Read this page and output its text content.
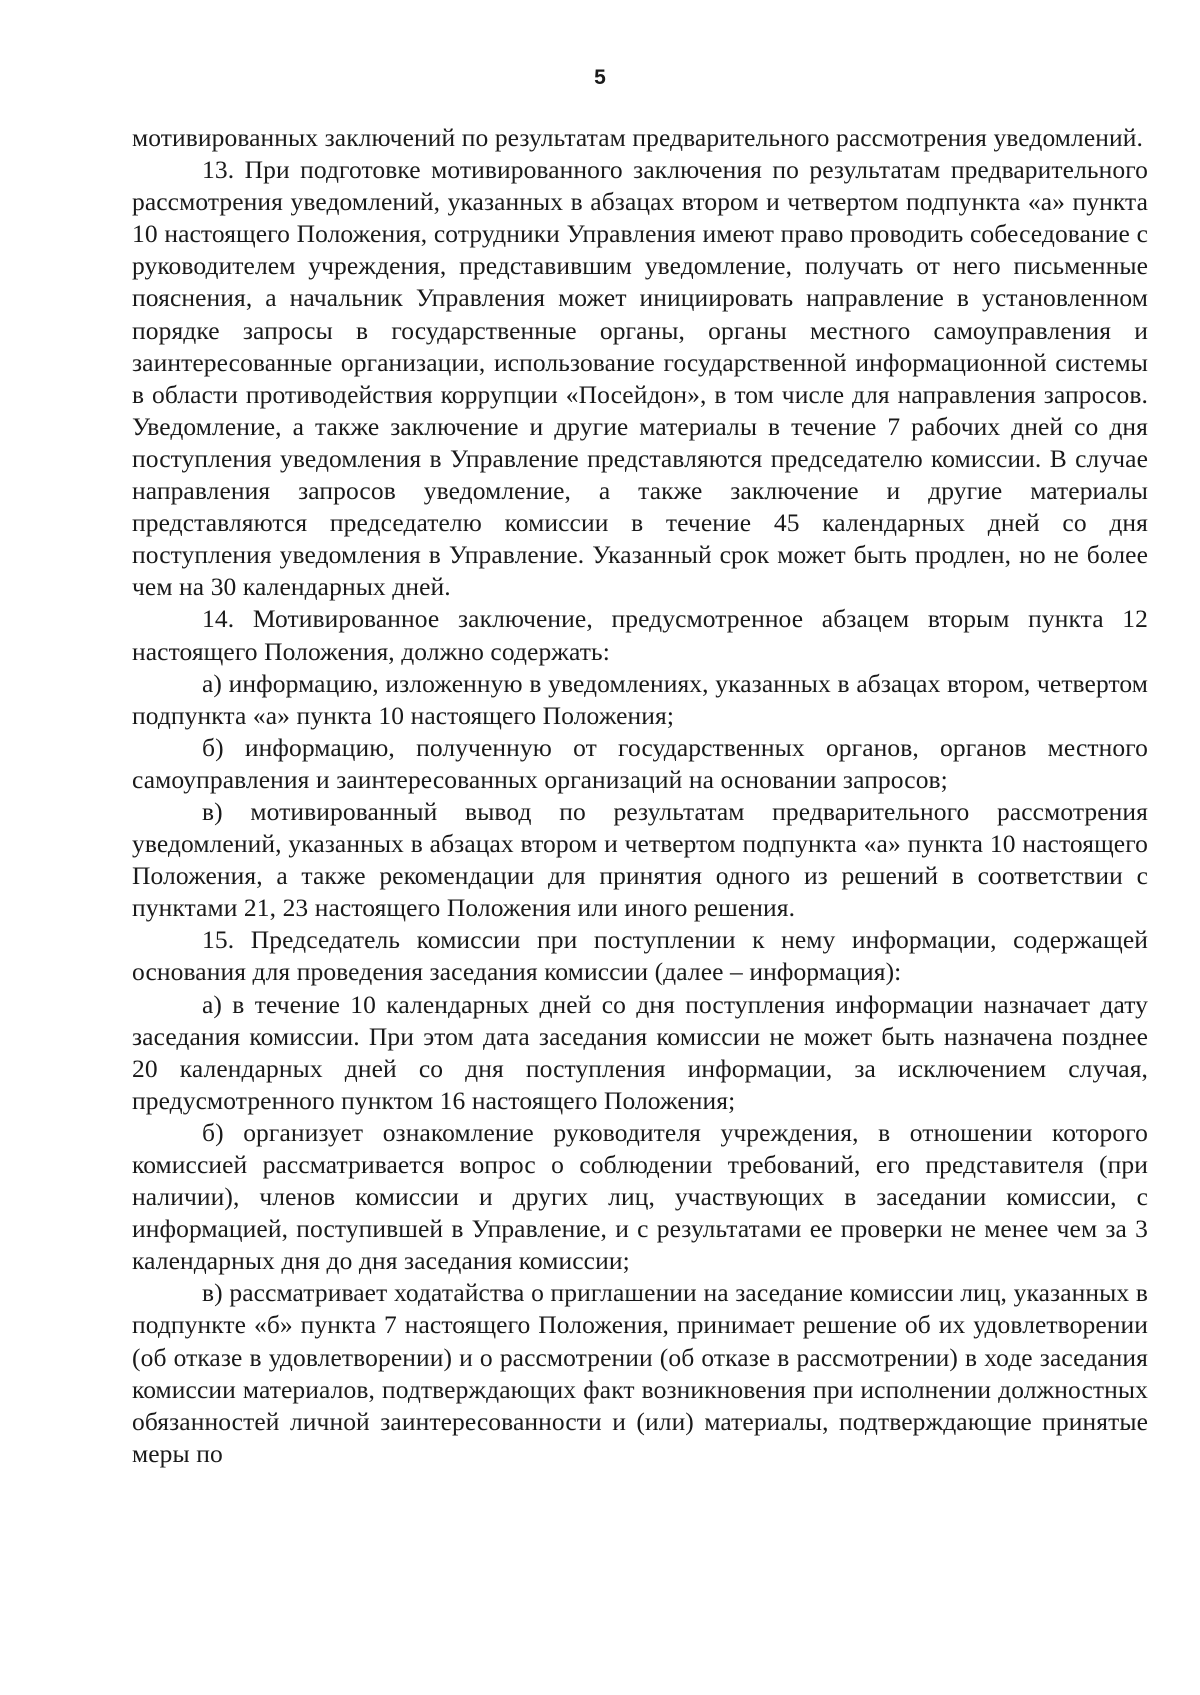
5

мотивированных заключений по результатам предварительного рассмотрения уведомлений.

13. При подготовке мотивированного заключения по результатам предварительного рассмотрения уведомлений, указанных в абзацах втором и четвертом подпункта «а» пункта 10 настоящего Положения, сотрудники Управления имеют право проводить собеседование с руководителем учреждения, представившим уведомление, получать от него письменные пояснения, а начальник Управления может инициировать направление в установленном порядке запросы в государственные органы, органы местного самоуправления и заинтересованные организации, использование государственной информационной системы в области противодействия коррупции «Посейдон», в том числе для направления запросов. Уведомление, а также заключение и другие материалы в течение 7 рабочих дней со дня поступления уведомления в Управление представляются председателю комиссии. В случае направления запросов уведомление, а также заключение и другие материалы представляются председателю комиссии в течение 45 календарных дней со дня поступления уведомления в Управление. Указанный срок может быть продлен, но не более чем на 30 календарных дней.

14. Мотивированное заключение, предусмотренное абзацем вторым пункта 12 настоящего Положения, должно содержать:

а) информацию, изложенную в уведомлениях, указанных в абзацах втором, четвертом подпункта «а» пункта 10 настоящего Положения;

б) информацию, полученную от государственных органов, органов местного самоуправления и заинтересованных организаций на основании запросов;

в) мотивированный вывод по результатам предварительного рассмотрения уведомлений, указанных в абзацах втором и четвертом подпункта «а» пункта 10 настоящего Положения, а также рекомендации для принятия одного из решений в соответствии с пунктами 21, 23 настоящего Положения или иного решения.

15. Председатель комиссии при поступлении к нему информации, содержащей основания для проведения заседания комиссии (далее – информация):

а) в течение 10 календарных дней со дня поступления информации назначает дату заседания комиссии. При этом дата заседания комиссии не может быть назначена позднее 20 календарных дней со дня поступления информации, за исключением случая, предусмотренного пунктом 16 настоящего Положения;

б) организует ознакомление руководителя учреждения, в отношении которого комиссией рассматривается вопрос о соблюдении требований, его представителя (при наличии), членов комиссии и других лиц, участвующих в заседании комиссии, с информацией, поступившей в Управление, и с результатами ее проверки не менее чем за 3 календарных дня до дня заседания комиссии;

в) рассматривает ходатайства о приглашении на заседание комиссии лиц, указанных в подпункте «б» пункта 7 настоящего Положения, принимает решение об их удовлетворении (об отказе в удовлетворении) и о рассмотрении (об отказе в рассмотрении) в ходе заседания комиссии материалов, подтверждающих факт возникновения при исполнении должностных обязанностей личной заинтересованности и (или) материалы, подтверждающие принятые меры по
